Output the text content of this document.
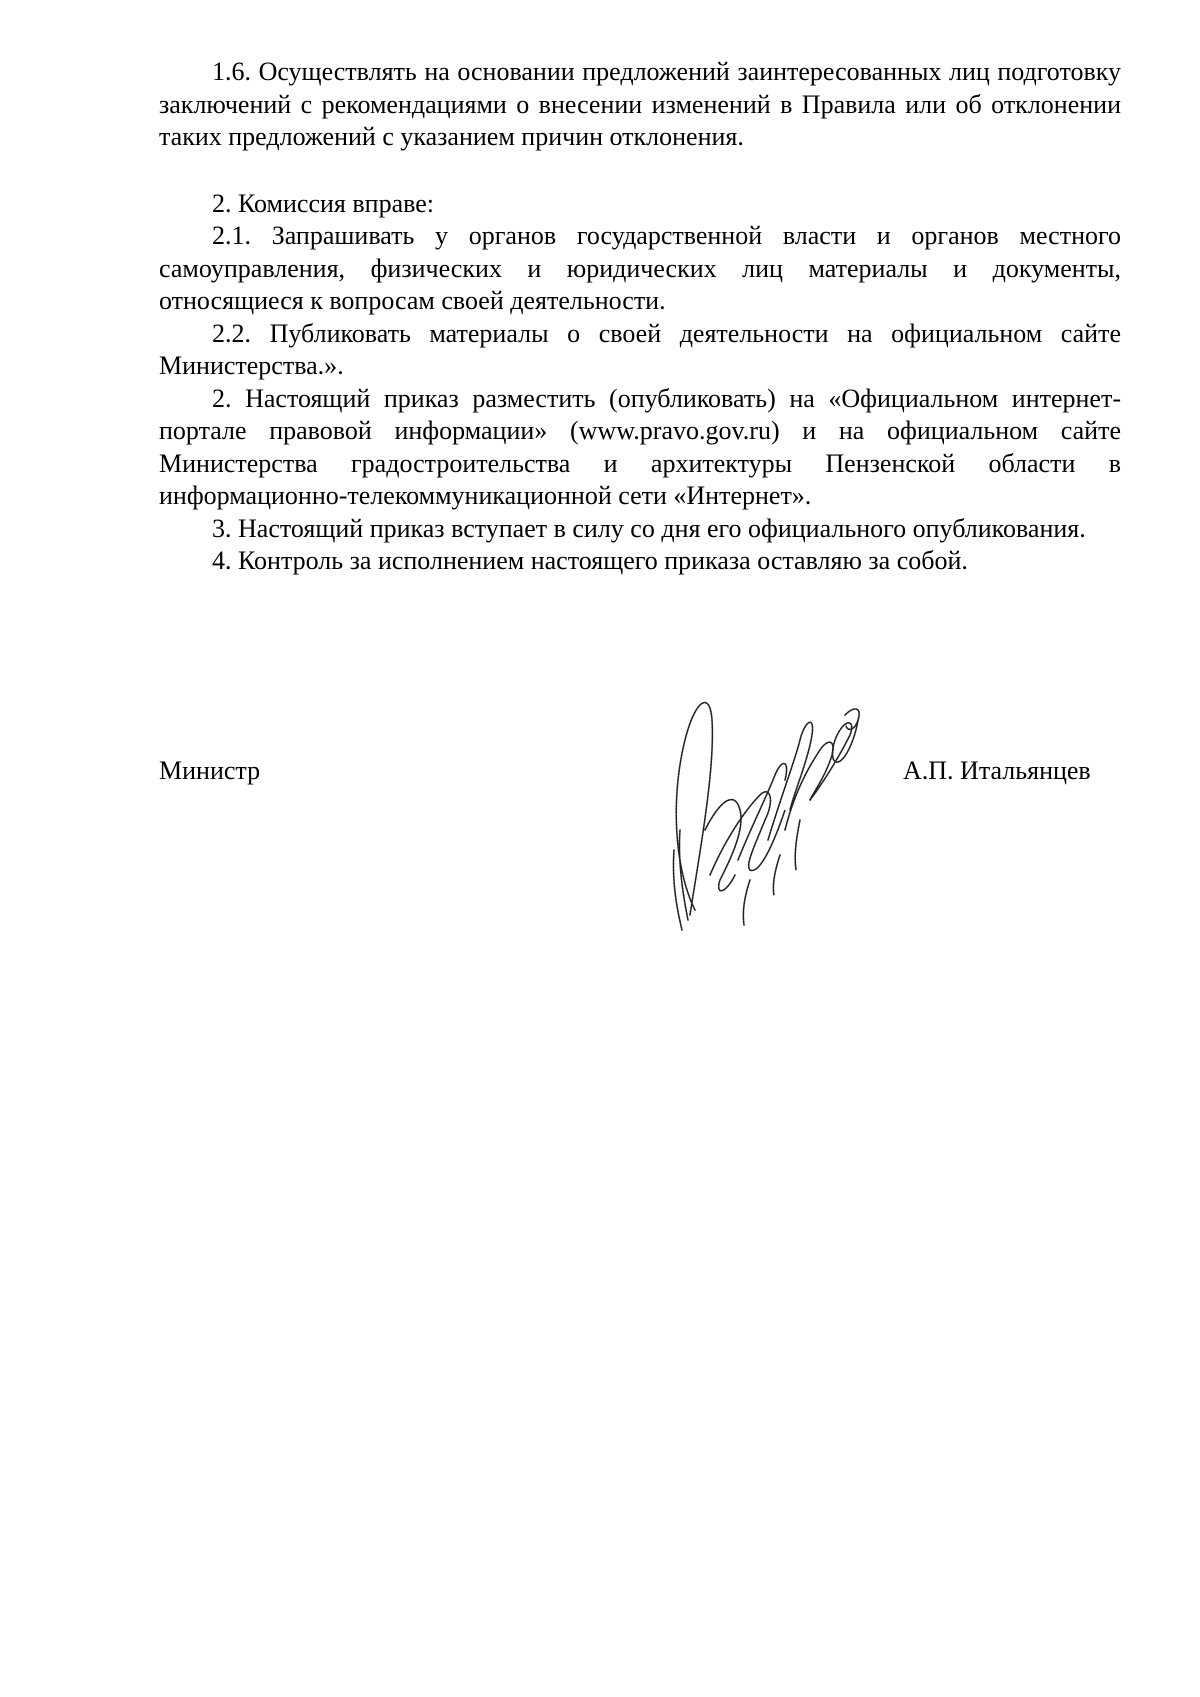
1.6. Осуществлять на основании предложений заинтересованных лиц подготовку заключений с рекомендациями о внесении изменений в Правила или об отклонении таких предложений с указанием причин отклонения.

2. Комиссия вправе:

2.1. Запрашивать у органов государственной власти и органов местного самоуправления, физических и юридических лиц материалы и документы, относящиеся к вопросам своей деятельности.

2.2. Публиковать материалы о своей деятельности на официальном сайте Министерства.».

2. Настоящий приказ разместить (опубликовать) на «Официальном интернет-портале правовой информации» (www.pravo.gov.ru) и на официальном сайте Министерства градостроительства и архитектуры Пензенской области в информационно-телекоммуникационной сети «Интернет».

3. Настоящий приказ вступает в силу со дня его официального опубликования.

4. Контроль за исполнением настоящего приказа оставляю за собой.

Министр	А.П. Итальянцев
